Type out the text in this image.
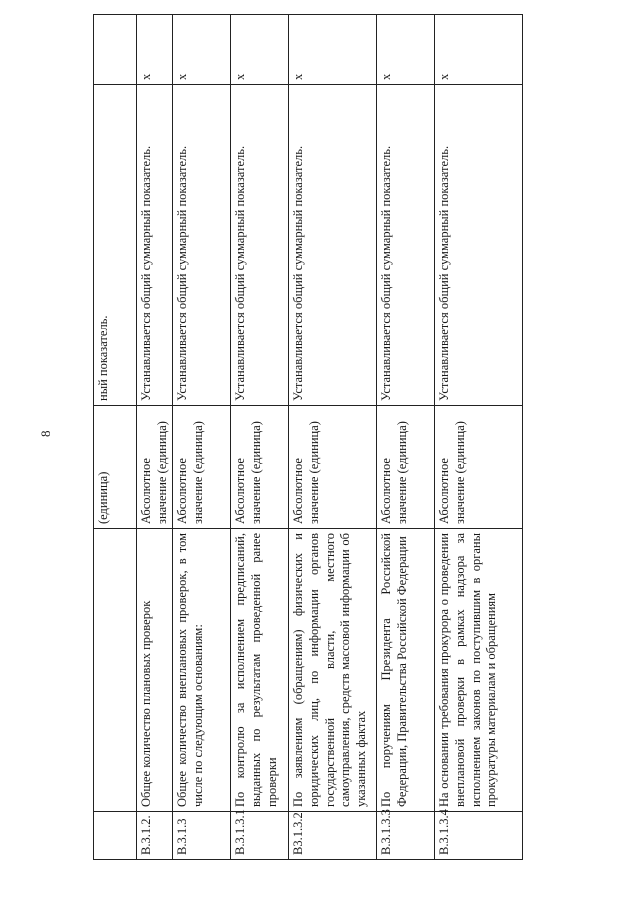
8
		(единица)	ный показатель.	
В.3.1.2.	Общее количество плановых проверок	Абсолютное значение (единица)	Устанавливается общий суммарный показатель.	х
В.3.1.3	Общее количество внеплановых проверок, в том числе по следующим основаниям:	Абсолютное значение (единица)	Устанавливается общий суммарный показатель.	х
В.3.1.3.1	По контролю за исполнением предписаний, выданных по результатам проведенной ранее проверки	Абсолютное значение (единица)	Устанавливается общий суммарный показатель.	х
В3.1.3.2	По заявлениям (обращениям) физических и юридических лиц, по информации органов государственной власти, местного самоуправления, средств массовой информации об указанных фактах	Абсолютное значение (единица)	Устанавливается общий суммарный показатель.	х
В.3.1.3.3	По поручениям Президента Российской Федерации, Правительства Российской Федерации	Абсолютное значение (единица)	Устанавливается общий суммарный показатель.	х
В.3.1.3.4	На основании требования прокурора о проведении внеплановой проверки в рамках надзора за исполнением законов по поступившим в органы прокуратуры материалам и обращениям	Абсолютное значение (единица)	Устанавливается общий суммарный показатель.	х
